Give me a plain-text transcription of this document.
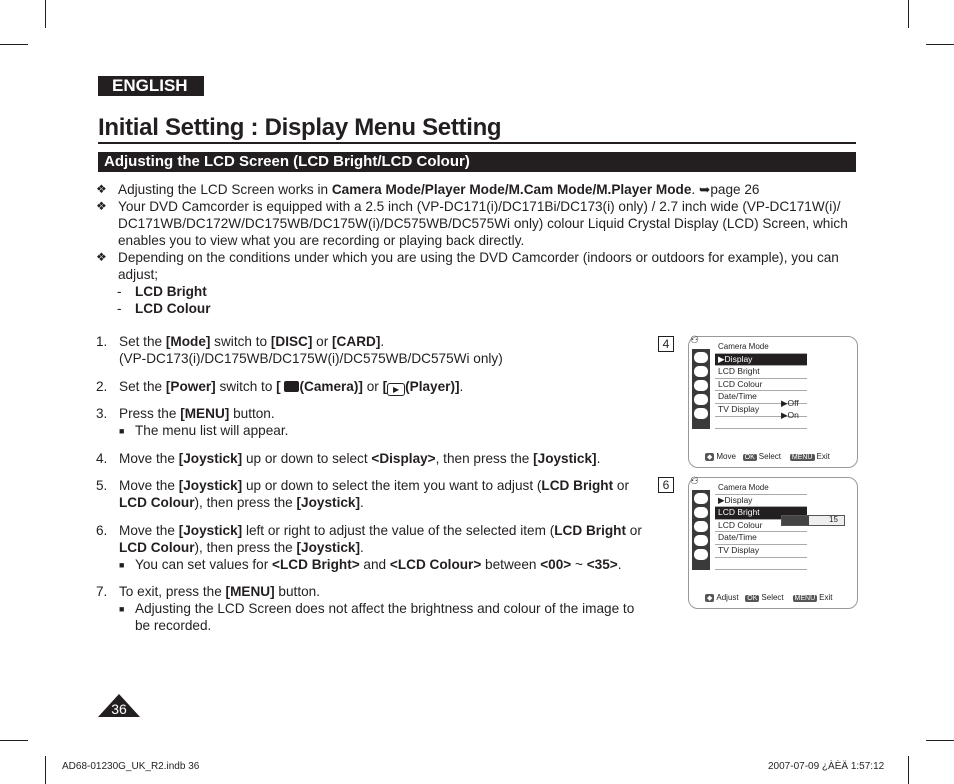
ENGLISH
Initial Setting : Display Menu Setting
Adjusting the LCD Screen (LCD Bright/LCD Colour)
❖ Adjusting the LCD Screen works in Camera Mode/Player Mode/M.Cam Mode/M.Player Mode. ➥page 26
❖ Your DVD Camcorder is equipped with a 2.5 inch (VP-DC171(i)/DC171Bi/DC173(i) only) / 2.7 inch wide (VP-DC171W(i)/ DC171WB/DC172W/DC175WB/DC175W(i)/DC575WB/DC575Wi only) colour Liquid Crystal Display (LCD) Screen, which enables you to view what you are recording or playing back directly.
❖ Depending on the conditions under which you are using the DVD Camcorder (indoors or outdoors for example), you can adjust;
- LCD Bright
- LCD Colour
1. Set the [Mode] switch to [DISC] or [CARD].
(VP-DC173(i)/DC175WB/DC175W(i)/DC575WB/DC575Wi only)
2. Set the [Power] switch to [ (Camera)] or [ ▶ (Player)].
3. Press the [MENU] button.
■ The menu list will appear.
4. Move the [Joystick] up or down to select <Display>, then press the [Joystick].
5. Move the [Joystick] up or down to select the item you want to adjust (LCD Bright or LCD Colour), then press the [Joystick].
6. Move the [Joystick] left or right to adjust the value of the selected item (LCD Bright or LCD Colour), then press the [Joystick].
■ You can set values for <LCD Bright> and <LCD Colour> between <00> ~ <35>.
7. To exit, press the [MENU] button.
■ Adjusting the LCD Screen does not affect the brightness and colour of the image to be recorded.
4	⚇
Camera Mode
▶Display
LCD Bright
LCD Colour
Date/Time
TV Display
▶Off
▶On
◆ Move OK Select MENU Exit
6	⚇
Camera Mode
▶Display
LCD Bright
LCD Colour
Date/Time
TV Display
15
◆ Adjust OK Select MENU Exit
36
AD68-01230G_UK_R2.indb 36	2007-07-09 ¿ÀÈÄ 1:57:12
